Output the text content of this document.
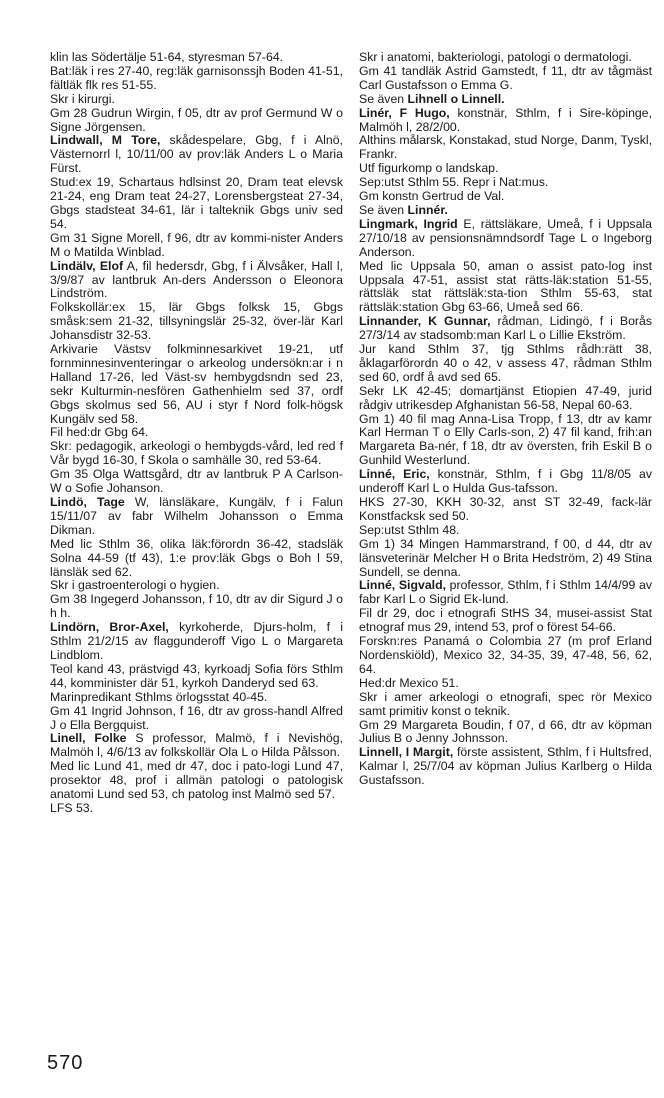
klin las Södertälje 51-64, styresman 57-64.

Bat:läk i res 27-40, reg:läk garnisonssjh Boden 41-51, fältläk flk res 51-55.

Skr i kirurgi.

Gm 28 Gudrun Wirgin, f 05, dtr av prof Germund W o Signe Jörgensen.

Lindwall, M Tore, skådespelare, Gbg, f i Alnö, Västernorrl l, 10/11/00 av prov:läk Anders L o Maria Fürst.

Stud:ex 19, Schartaus hdlsinst 20, Dram teat elevsk 21-24, eng Dram teat 24-27, Lorensbergsteat 27-34, Gbgs stadsteat 34-61, lär i talteknik Gbgs univ sed 54.

Gm 31 Signe Morell, f 96, dtr av kommi-nister Anders M o Matilda Winblad.

Lindälv, Elof A, fil hedersdr, Gbg, f i Älvsåker, Hall l, 3/9/87 av lantbruk An-ders Andersson o Eleonora Lindström.

Folkskollär:ex 15, lär Gbgs folksk 15, Gbgs småsk:sem 21-32, tillsyningslär 25-32, över-lär Karl Johansdistr 32-53.

Arkivarie Västsv folkminnesarkivet 19-21, utf fornminnesinventeringar o arkeolog undersökn:ar i n Halland 17-26, led Väst-sv hembygdsndn sed 23, sekr Kulturmin-nesfören Gathenhielm sed 37, ordf Gbgs skolmus sed 56, AU i styr f Nord folk-högsk Kungälv sed 58.

Fil hed:dr Gbg 64.

Skr: pedagogik, arkeologi o hembygds-vård, led red f Vår bygd 16-30, f Skola o samhälle 30, red 53-64.

Gm 35 Olga Wattsgård, dtr av lantbruk P A Carlson-W o Sofie Johanson.

Lindö, Tage W, länsläkare, Kungälv, f i Falun 15/11/07 av fabr Wilhelm Johansson o Emma Dikman.

Med lic Sthlm 36, olika läk:förordn 36-42, stadsläk Solna 44-59 (tf 43), 1:e prov:läk Gbgs o Boh l 59, länsläk sed 62.

Skr i gastroenterologi o hygien.

Gm 38 Ingegerd Johansson, f 10, dtr av dir Sigurd J o h h.

Lindörn, Bror-Axel, kyrkoherde, Djurs-holm, f i Sthlm 21/2/15 av flaggunderoff Vigo L o Margareta Lindblom.

Teol kand 43, prästvigd 43, kyrkoadj Sofia förs Sthlm 44, komminister där 51, kyrkoh Danderyd sed 63.

Marinpredikant Sthlms örlogsstat 40-45.

Gm 41 Ingrid Johnson, f 16, dtr av gross-handl Alfred J o Ella Bergquist.

Linell, Folke S professor, Malmö, f i Nevishög, Malmöh l, 4/6/13 av folkskollär Ola L o Hilda Pålsson.

Med lic Lund 41, med dr 47, doc i pato-logi Lund 47, prosektor 48, prof i allmän patologi o patologisk anatomi Lund sed 53, ch patolog inst Malmö sed 57.

LFS 53.

Skr i anatomi, bakteriologi, patologi o dermatologi.

Gm 41 tandläk Astrid Gamstedt, f 11, dtr av tågmäst Carl Gustafsson o Emma G.

Se även Lihnell o Linnell.

Linér, F Hugo, konstnär, Sthlm, f i Sire-köpinge, Malmöh l, 28/2/00.

Althins målarsk, Konstakad, stud Norge, Danm, Tyskl, Frankr.

Utf figurkomp o landskap.

Sep:utst Sthlm 55. Repr i Nat:mus.

Gm konstn Gertrud de Val.

Se även Linnér.

Lingmark, Ingrid E, rättsläkare, Umeå, f i Uppsala 27/10/18 av pensionsnämndsordf Tage L o Ingeborg Anderson.

Med lic Uppsala 50, aman o assist pato-log inst Uppsala 47-51, assist stat rätts-läk:station 51-55, rättsläk stat rättsläk:sta-tion Sthlm 55-63, stat rättsläk:station Gbg 63-66, Umeå sed 66.

Linnander, K Gunnar, rådman, Lidingö, f i Borås 27/3/14 av stadsomb:man Karl L o Lillie Ekström.

Jur kand Sthlm 37, tjg Sthlms rådh:rätt 38, åklagarförordn 40 o 42, v assess 47, rådman Sthlm sed 60, ordf å avd sed 65.

Sekr LK 42-45; domartjänst Etiopien 47-49, jurid rådgiv utrikesdep Afghanistan 56-58, Nepal 60-63.

Gm 1) 40 fil mag Anna-Lisa Tropp, f 13, dtr av kamr Karl Herman T o Elly Carls-son, 2) 47 fil kand, frih:an Margareta Ba-nér, f 18, dtr av översten, frih Eskil B o Gunhild Westerlund.

Linné, Eric, konstnär, Sthlm, f i Gbg 11/8/05 av underoff Karl L o Hulda Gus-tafsson.

HKS 27-30, KKH 30-32, anst ST 32-49, fack-lär Konstfacksk sed 50.

Sep:utst Sthlm 48.

Gm 1) 34 Mingen Hammarstrand, f 00, d 44, dtr av länsveterinär Melcher H o Brita Hedström, 2) 49 Stina Sundell, se denna.

Linné, Sigvald, professor, Sthlm, f i Sthlm 14/4/99 av fabr Karl L o Sigrid Ek-lund.

Fil dr 29, doc i etnografi StHS 34, musei-assist Stat etnograf mus 29, intend 53, prof o förest 54-66.

Forskn:res Panamá o Colombia 27 (m prof Erland Nordenskiöld), Mexico 32, 34-35, 39, 47-48, 56, 62, 64.

Hed:dr Mexico 51.

Skr i amer arkeologi o etnografi, spec rör Mexico samt primitiv konst o teknik.

Gm 29 Margareta Boudin, f 07, d 66, dtr av köpman Julius B o Jenny Johnsson.

Linnell, I Margit, förste assistent, Sthlm, f i Hultsfred, Kalmar l, 25/7/04 av köpman Julius Karlberg o Hilda Gustafsson.

570
